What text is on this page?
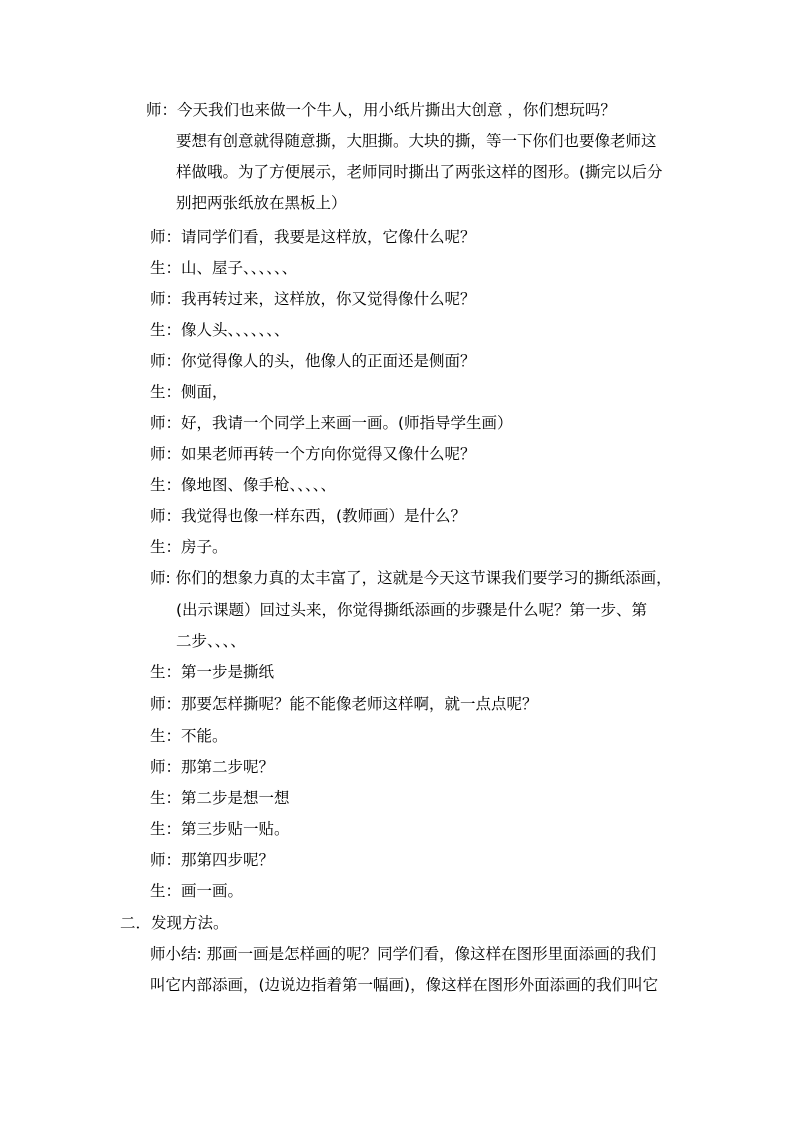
师：今天我们也来做一个牛人，用小纸片撕出大创意 ，你们想玩吗？
要想有创意就得随意撕，大胆撕。大块的撕，等一下你们也要像老师这
样做哦。为了方便展示，老师同时撕出了两张这样的图形。(撕完以后分
别把两张纸放在黑板上）
师：请同学们看，我要是这样放，它像什么呢？
生：山、屋子、、、、、、
师：我再转过来，这样放，你又觉得像什么呢？
生：像人头、、、、、、、
师：你觉得像人的头，他像人的正面还是侧面？
生：侧面，
师：好，我请一个同学上来画一画。(师指导学生画）
师：如果老师再转一个方向你觉得又像什么呢？
生：像地图、像手枪、、、、、
师：我觉得也像一样东西，(教师画）是什么？
生：房子。
师: 你们的想象力真的太丰富了，这就是今天这节课我们要学习的撕纸添画，
(出示课题）回过头来，你觉得撕纸添画的步骤是什么呢？第一步、第
二步、、、、
生：第一步是撕纸
师：那要怎样撕呢？能不能像老师这样啊，就一点点呢？
生：不能。
师：那第二步呢？
生：第二步是想一想
生：第三步贴一贴。
师：那第四步呢？
生：画一画。
二．发现方法。
师小结: 那画一画是怎样画的呢？同学们看，像这样在图形里面添画的我们
叫它内部添画，(边说边指着第一幅画)，像这样在图形外面添画的我们叫它
